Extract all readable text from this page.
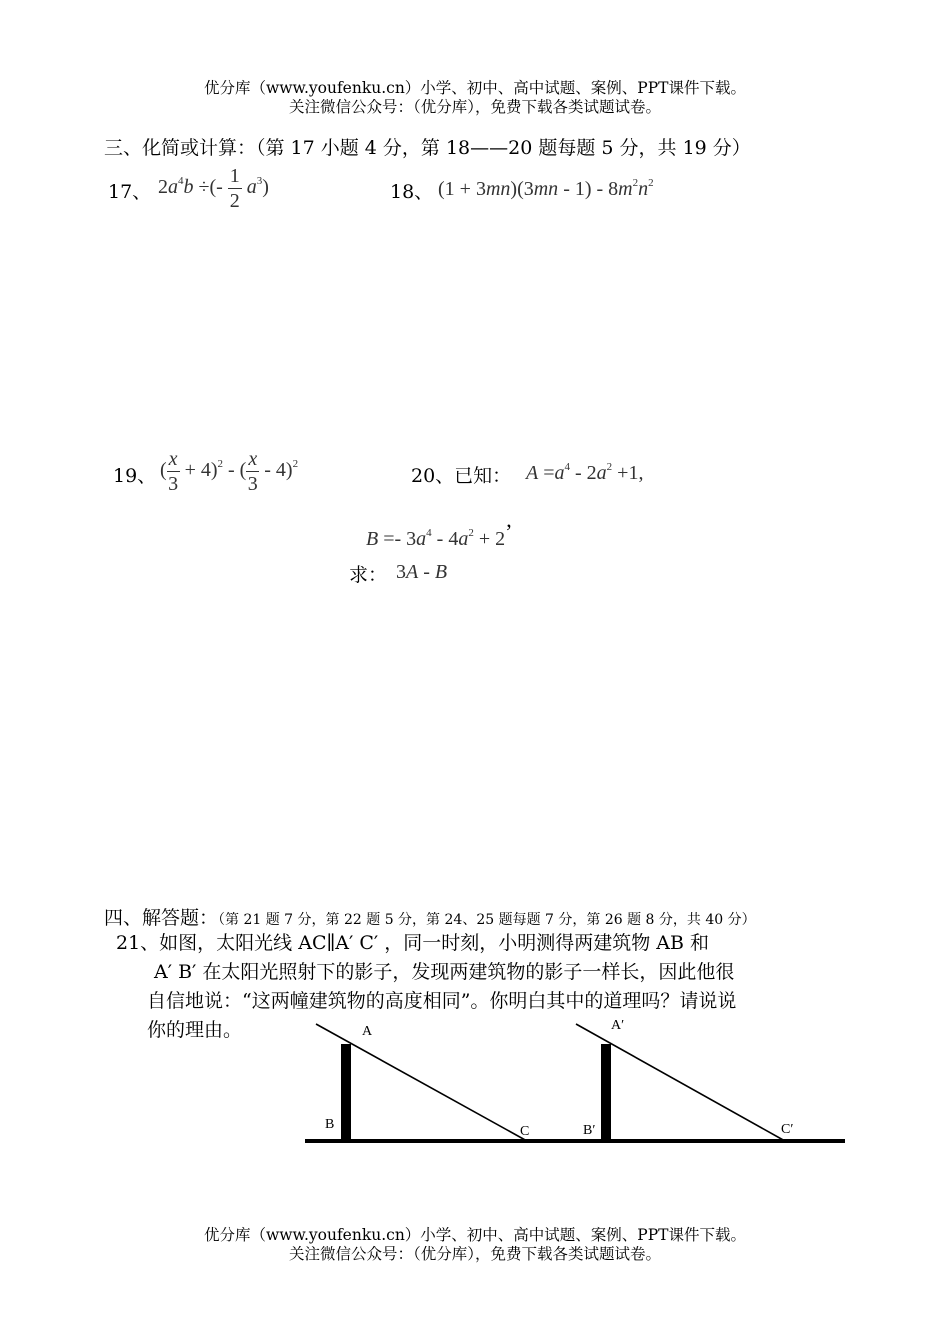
优分库（www.youfenku.cn）小学、初中、高中试题、案例、PPT课件下载。
关注微信公众号：（优分库），免费下载各类试题试卷。
三、化简或计算：（第 17 小题 4 分，第 18——20 题每题 5 分，共 19 分）
17、 $2a^4b$ ÷(- $\frac{1}{2} a^3$)	18、 $(1 + 3mn)(3mn - 1) - 8m^2n^2$
19、 ( $\frac{x}{3} + 4)^2$ - ( $\frac{x}{3} - 4)^2$
20、已知： $A =a^4 - 2a^2 +1$,
$B =- 3a^4 - 4a^2 + 2$’
求： 3A - B
四、解答题：（第 21 题 7 分，第 22 题 5 分，第 24、25 题每题 7 分，第 26 题 8 分，共 40 分）
21、如图，太阳光线 AC∥A′ C′ ，同一时刻，小明测得两建筑物 AB 和
A′ B′ 在太阳光照射下的影子，发现两建筑物的影子一样长，因此他很
自信地说：“这两幢建筑物的高度相同”。你明白其中的道理吗？请说说
你的理由。	A
B	C
A′
B′	C′
优分库（www.youfenku.cn）小学、初中、高中试题、案例、PPT课件下载。
关注微信公众号：（优分库），免费下载各类试题试卷。
